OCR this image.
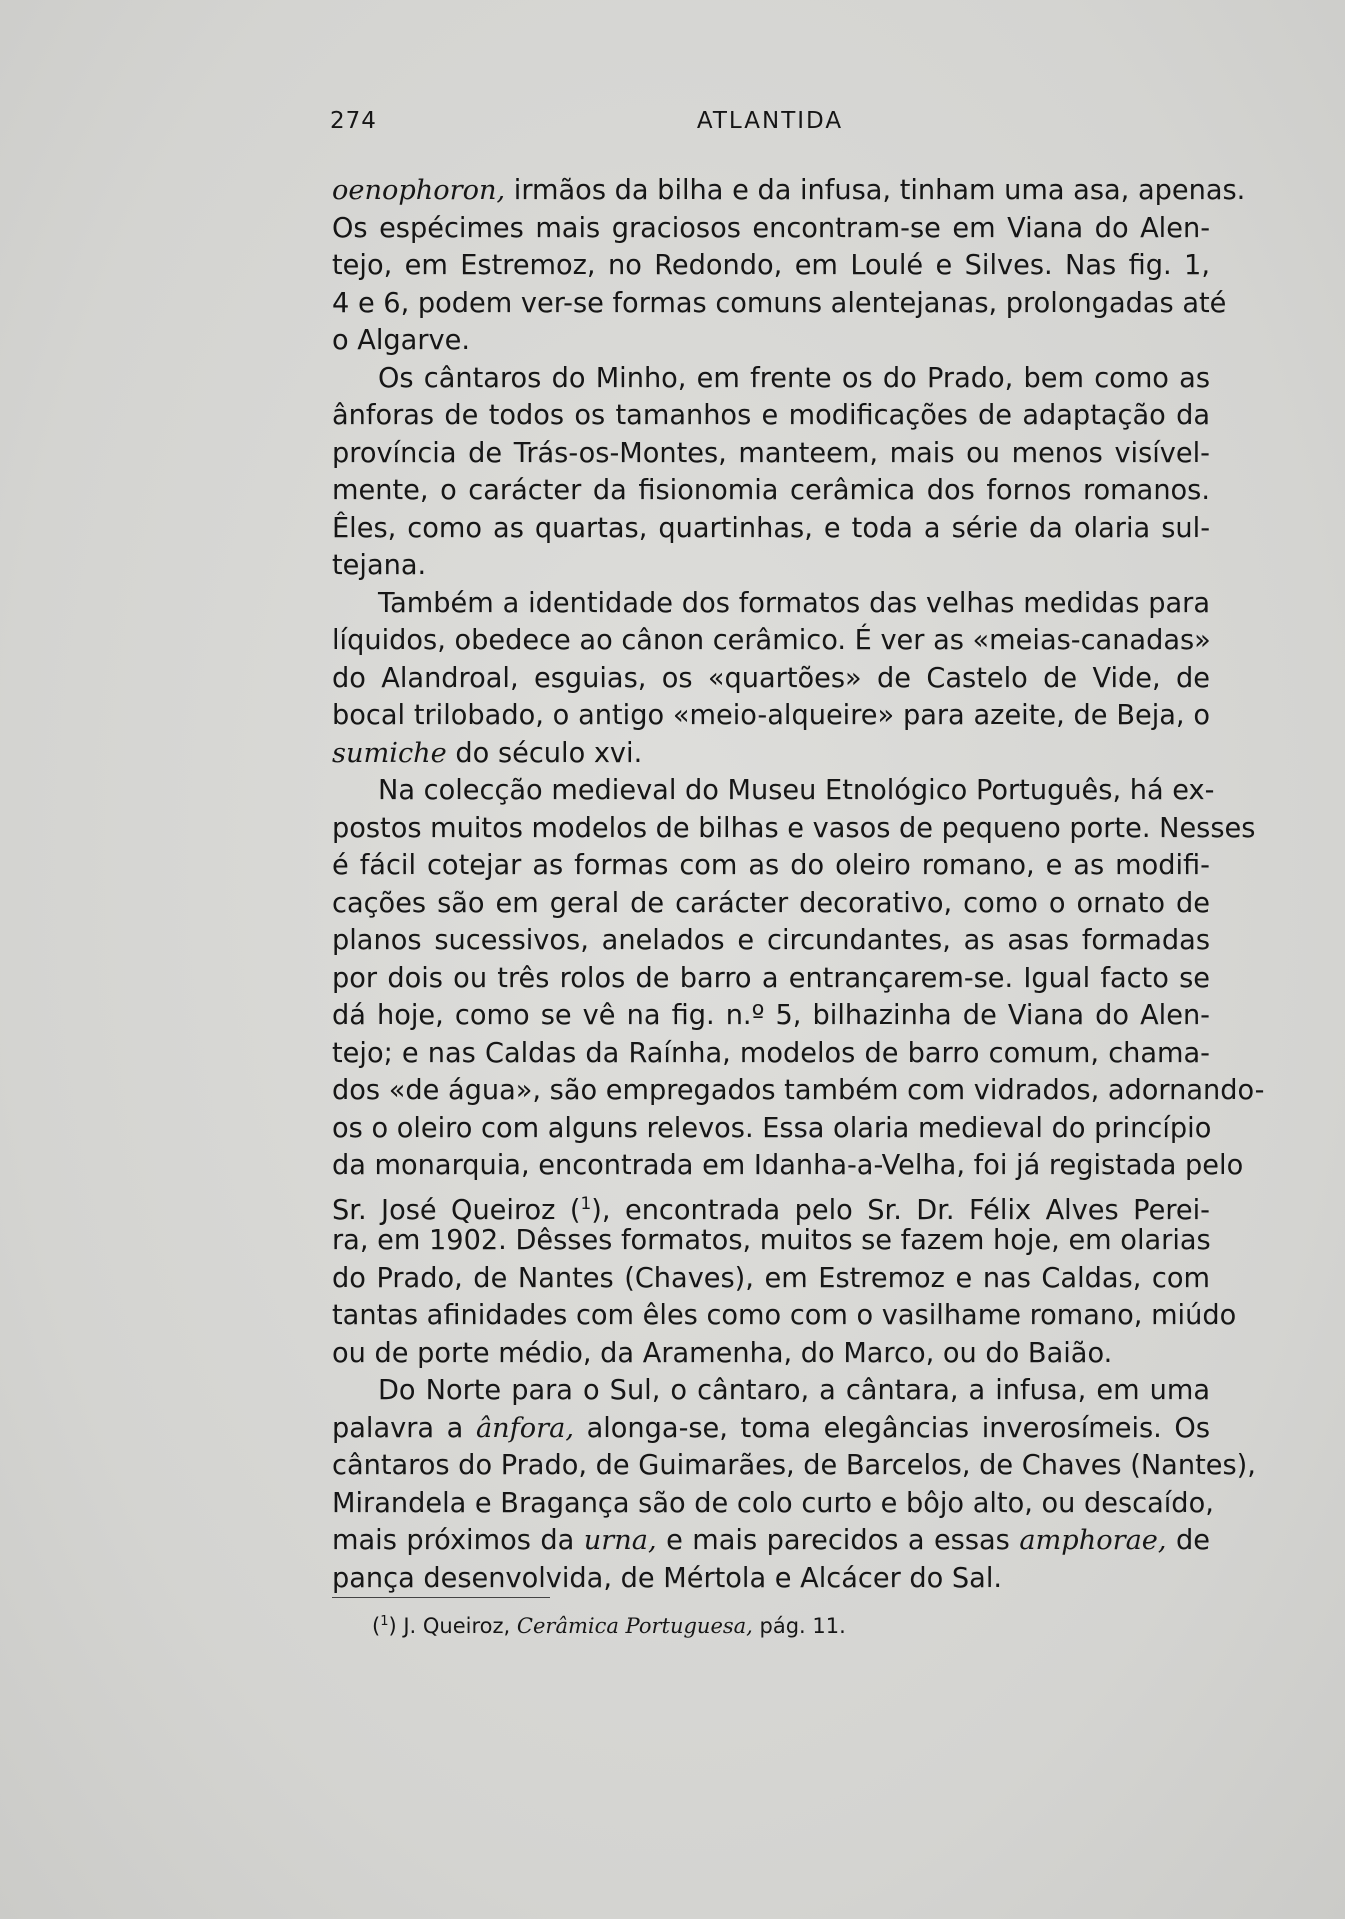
274	ATLANTIDA
oenophoron, irmãos da bilha e da infusa, tinham uma asa, apenas.
Os espécimes mais graciosos encontram-se em Viana do Alen-
tejo, em Estremoz, no Redondo, em Loulé e Silves. Nas fig. 1,
4 e 6, podem ver-se formas comuns alentejanas, prolongadas até
o Algarve.
Os cântaros do Minho, em frente os do Prado, bem como as
ânforas de todos os tamanhos e modificações de adaptação da
província de Trás-os-Montes, manteem, mais ou menos visível-
mente, o carácter da fisionomia cerâmica dos fornos romanos.
Êles, como as quartas, quartinhas, e toda a série da olaria sul-
tejana.
Também a identidade dos formatos das velhas medidas para
líquidos, obedece ao cânon cerâmico. É ver as «meias-canadas»
do Alandroal, esguias, os «quartões» de Castelo de Vide, de
bocal trilobado, o antigo «meio-alqueire» para azeite, de Beja, o
sumiche do século xvi.
Na colecção medieval do Museu Etnológico Português, há ex-
postos muitos modelos de bilhas e vasos de pequeno porte. Nesses
é fácil cotejar as formas com as do oleiro romano, e as modifi-
cações são em geral de carácter decorativo, como o ornato de
planos sucessivos, anelados e circundantes, as asas formadas
por dois ou três rolos de barro a entrançarem-se. Igual facto se
dá hoje, como se vê na fig. n.º 5, bilhazinha de Viana do Alen-
tejo; e nas Caldas da Raínha, modelos de barro comum, chama-
dos «de água», são empregados também com vidrados, adornando-
os o oleiro com alguns relevos. Essa olaria medieval do princípio
da monarquia, encontrada em Idanha-a-Velha, foi já registada pelo
Sr. José Queiroz ($^1$), encontrada pelo Sr. Dr. Félix Alves Perei-
ra, em 1902. Dêsses formatos, muitos se fazem hoje, em olarias
do Prado, de Nantes (Chaves), em Estremoz e nas Caldas, com
tantas afinidades com êles como com o vasilhame romano, miúdo
ou de porte médio, da Aramenha, do Marco, ou do Baião.
Do Norte para o Sul, o cântaro, a cântara, a infusa, em uma
palavra a ânfora, alonga-se, toma elegâncias inverosímeis. Os
cântaros do Prado, de Guimarães, de Barcelos, de Chaves (Nantes),
Mirandela e Bragança são de colo curto e bôjo alto, ou descaído,
mais próximos da urna, e mais parecidos a essas amphorae, de
pança desenvolvida, de Mértola e Alcácer do Sal.
($^1$) J. Queiroz, Cerâmica Portuguesa, pág. 11.
